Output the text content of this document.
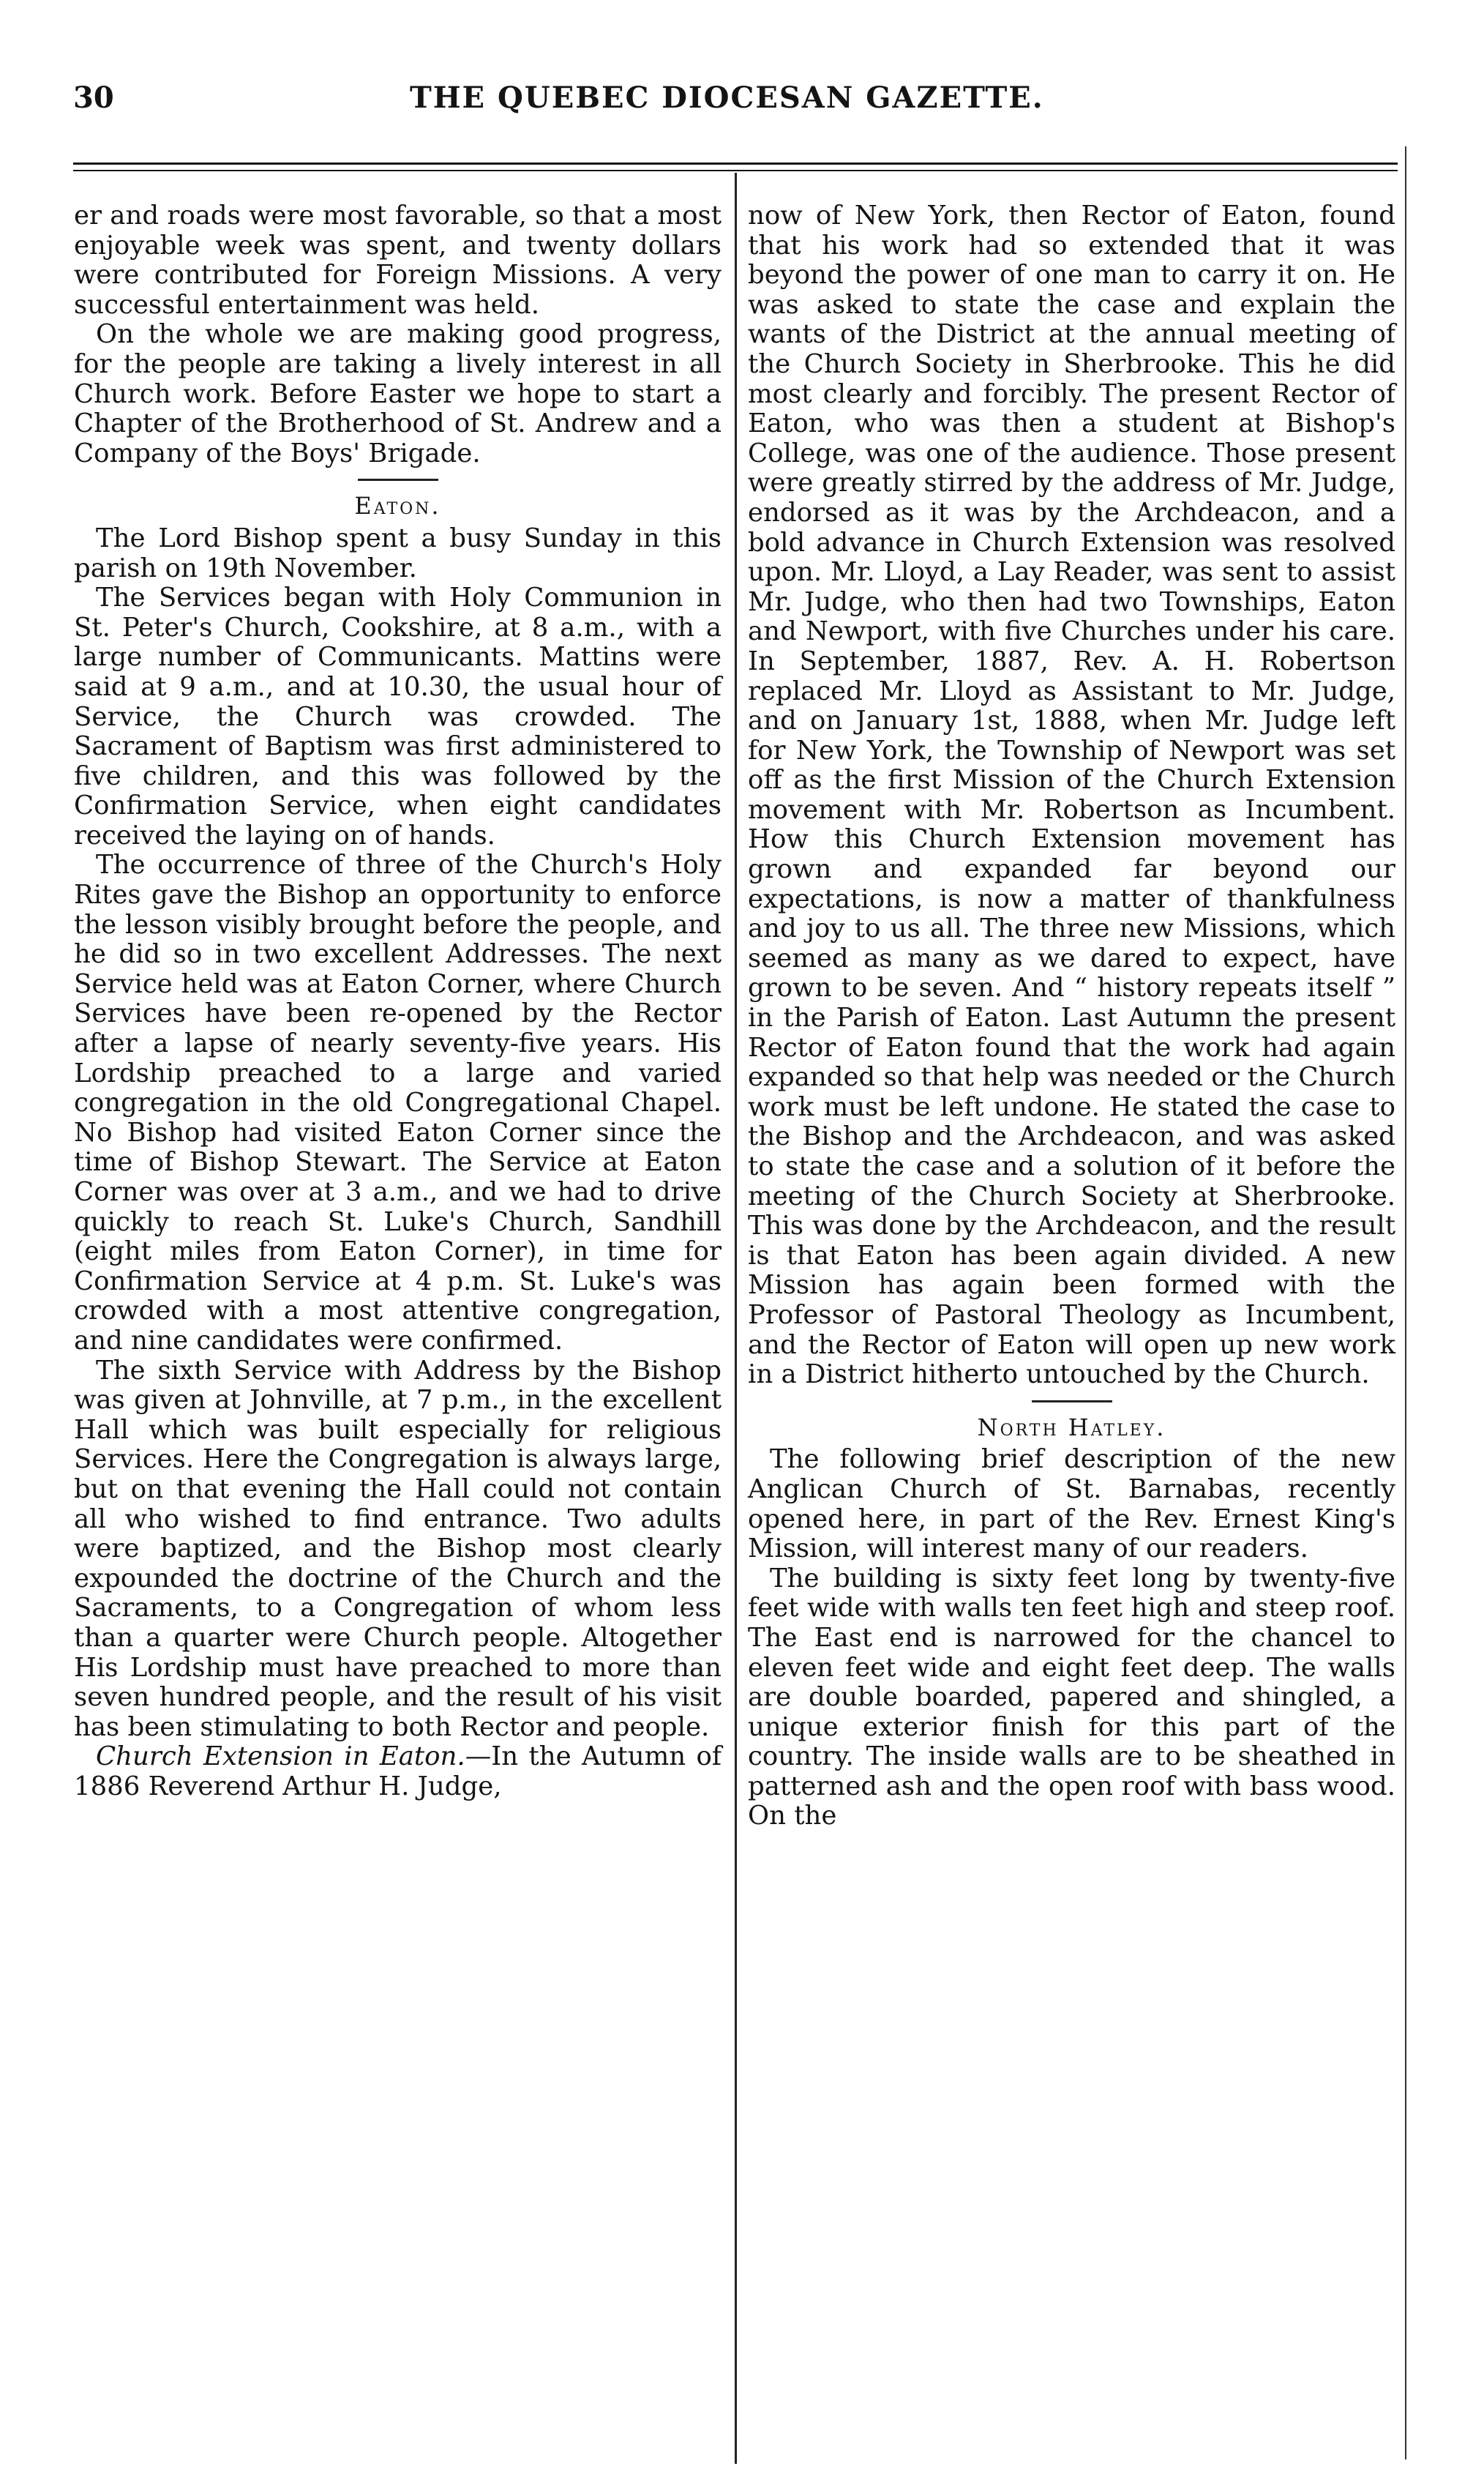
30	THE QUEBEC DIOCESAN GAZETTE.

er and roads were most favorable, so that a most enjoyable week was spent, and twenty dollars were contributed for Foreign Missions. A very successful entertainment was held.

On the whole we are making good progress, for the people are taking a lively interest in all Church work. Before Easter we hope to start a Chapter of the Brotherhood of St. Andrew and a Company of the Boys' Brigade.

Eaton.

The Lord Bishop spent a busy Sunday in this parish on 19th November.

The Services began with Holy Communion in St. Peter's Church, Cookshire, at 8 a.m., with a large number of Communicants. Mattins were said at 9 a.m., and at 10.30, the usual hour of Service, the Church was crowded. The Sacrament of Baptism was first administered to five children, and this was followed by the Confirmation Service, when eight candidates received the laying on of hands.

The occurrence of three of the Church's Holy Rites gave the Bishop an opportunity to enforce the lesson visibly brought before the people, and he did so in two excellent Addresses. The next Service held was at Eaton Corner, where Church Services have been re-opened by the Rector after a lapse of nearly seventy-five years. His Lordship preached to a large and varied congregation in the old Congregational Chapel. No Bishop had visited Eaton Corner since the time of Bishop Stewart. The Service at Eaton Corner was over at 3 a.m., and we had to drive quickly to reach St. Luke's Church, Sandhill (eight miles from Eaton Corner), in time for Confirmation Service at 4 p.m. St. Luke's was crowded with a most attentive congregation, and nine candidates were confirmed.

The sixth Service with Address by the Bishop was given at Johnville, at 7 p.m., in the excellent Hall which was built especially for religious Services. Here the Congregation is always large, but on that evening the Hall could not contain all who wished to find entrance. Two adults were baptized, and the Bishop most clearly expounded the doctrine of the Church and the Sacraments, to a Congregation of whom less than a quarter were Church people. Altogether His Lordship must have preached to more than seven hundred people, and the result of his visit has been stimulating to both Rector and people.

Church Extension in Eaton.—In the Autumn of 1886 Reverend Arthur H. Judge,

now of New York, then Rector of Eaton, found that his work had so extended that it was beyond the power of one man to carry it on. He was asked to state the case and explain the wants of the District at the annual meeting of the Church Society in Sherbrooke. This he did most clearly and forcibly. The present Rector of Eaton, who was then a student at Bishop's College, was one of the audience. Those present were greatly stirred by the address of Mr. Judge, endorsed as it was by the Archdeacon, and a bold advance in Church Extension was resolved upon. Mr. Lloyd, a Lay Reader, was sent to assist Mr. Judge, who then had two Townships, Eaton and Newport, with five Churches under his care. In September, 1887, Rev. A. H. Robertson replaced Mr. Lloyd as Assistant to Mr. Judge, and on January 1st, 1888, when Mr. Judge left for New York, the Township of Newport was set off as the first Mission of the Church Extension movement with Mr. Robertson as Incumbent. How this Church Extension movement has grown and expanded far beyond our expectations, is now a matter of thankfulness and joy to us all. The three new Missions, which seemed as many as we dared to expect, have grown to be seven. And “ history repeats itself ” in the Parish of Eaton. Last Autumn the present Rector of Eaton found that the work had again expanded so that help was needed or the Church work must be left undone. He stated the case to the Bishop and the Archdeacon, and was asked to state the case and a solution of it before the meeting of the Church Society at Sherbrooke. This was done by the Archdeacon, and the result is that Eaton has been again divided. A new Mission has again been formed with the Professor of Pastoral Theology as Incumbent, and the Rector of Eaton will open up new work in a District hitherto untouched by the Church.

North Hatley.

The following brief description of the new Anglican Church of St. Barnabas, recently opened here, in part of the Rev. Ernest King's Mission, will interest many of our readers.

The building is sixty feet long by twenty-five feet wide with walls ten feet high and steep roof. The East end is narrowed for the chancel to eleven feet wide and eight feet deep. The walls are double boarded, papered and shingled, a unique exterior finish for this part of the country. The inside walls are to be sheathed in patterned ash and the open roof with bass wood. On the
